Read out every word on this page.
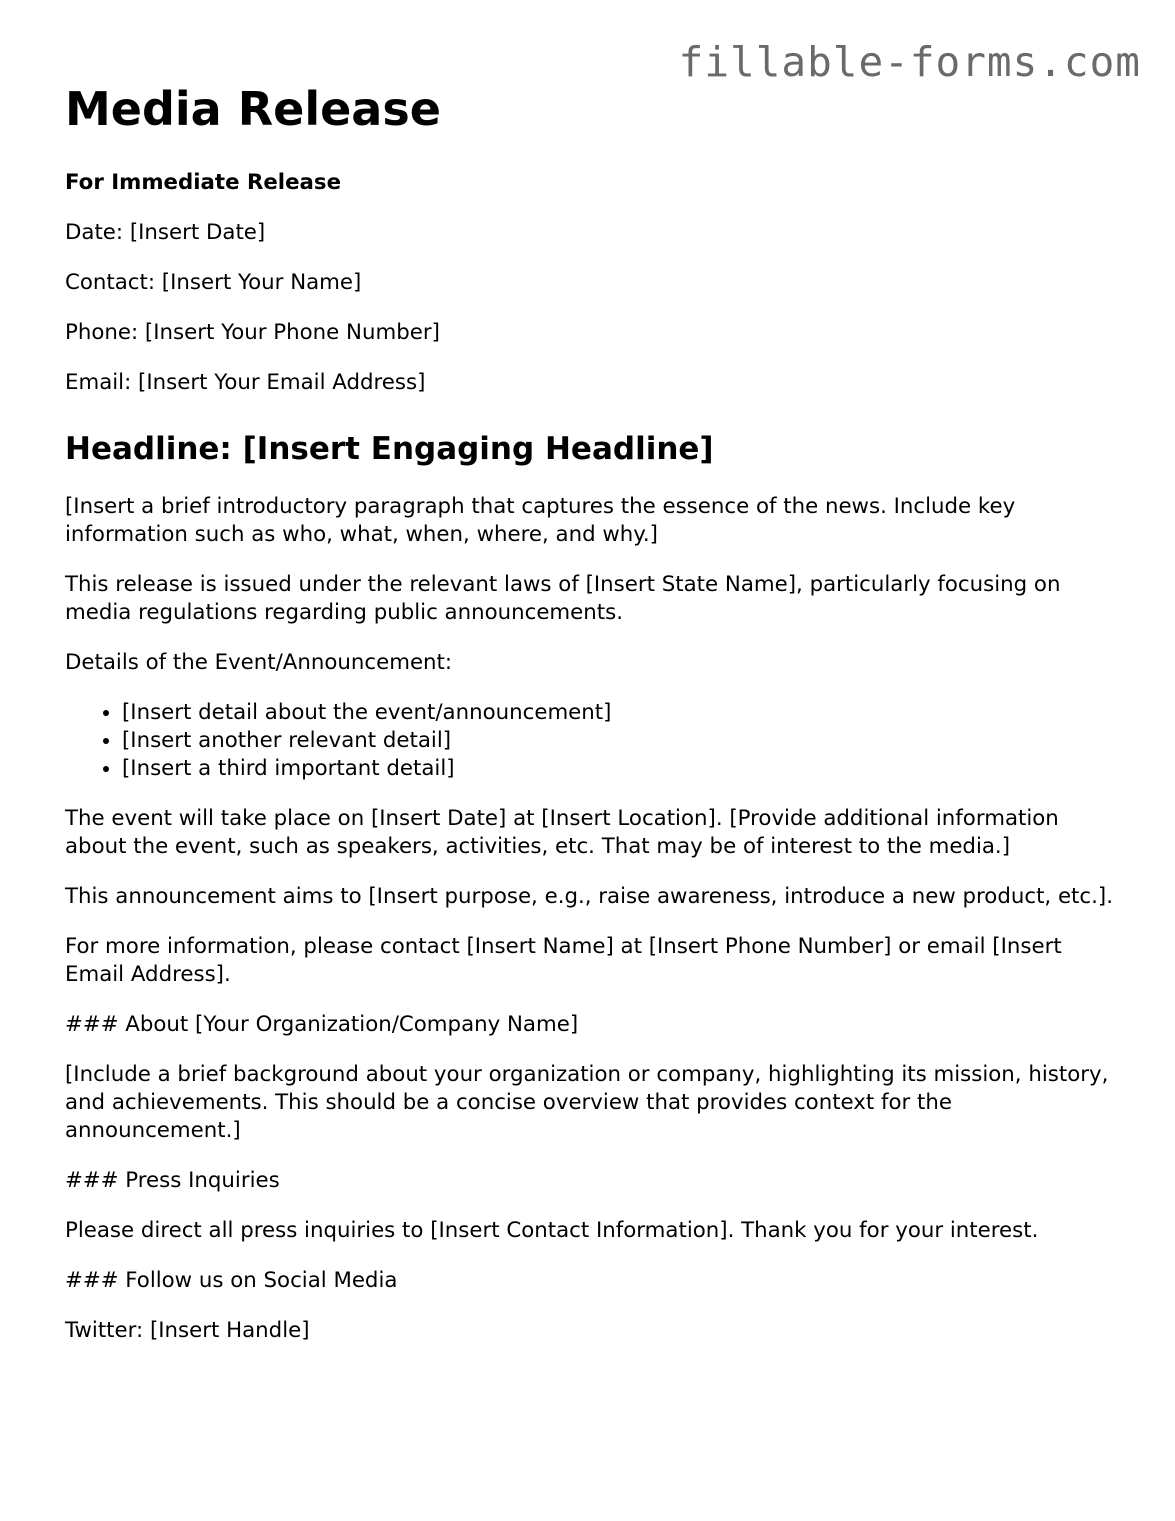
fillable-forms.com
Media Release

For Immediate Release

Date: [Insert Date]

Contact: [Insert Your Name]

Phone: [Insert Your Phone Number]

Email: [Insert Your Email Address]

Headline: [Insert Engaging Headline]

[Insert a brief introductory paragraph that captures the essence of the news. Include key information such as who, what, when, where, and why.]

This release is issued under the relevant laws of [Insert State Name], particularly focusing on media regulations regarding public announcements.

Details of the Event/Announcement:

• [Insert detail about the event/announcement]
• [Insert another relevant detail]
• [Insert a third important detail]

The event will take place on [Insert Date] at [Insert Location]. [Provide additional information about the event, such as speakers, activities, etc. That may be of interest to the media.]

This announcement aims to [Insert purpose, e.g., raise awareness, introduce a new product, etc.].

For more information, please contact [Insert Name] at [Insert Phone Number] or email [Insert Email Address].

### About [Your Organization/Company Name]

[Include a brief background about your organization or company, highlighting its mission, history, and achievements. This should be a concise overview that provides context for the announcement.]

### Press Inquiries

Please direct all press inquiries to [Insert Contact Information]. Thank you for your interest.

### Follow us on Social Media

Twitter: [Insert Handle]
